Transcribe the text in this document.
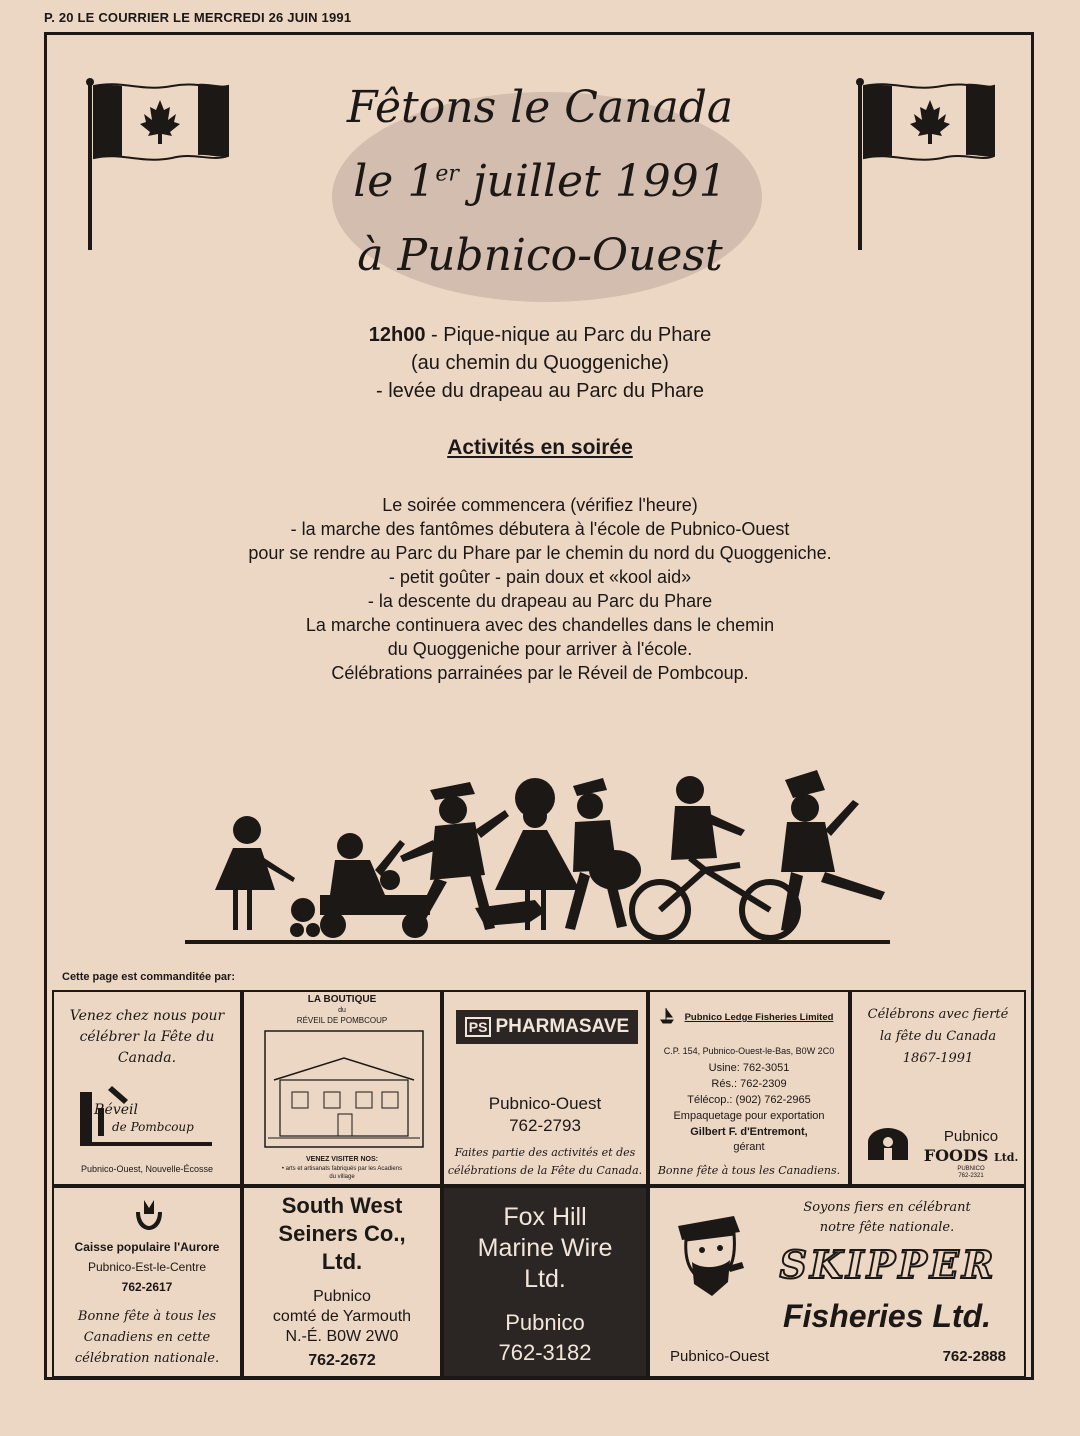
P. 20 LE COURRIER LE MERCREDI 26 JUIN 1991
Fêtons le Canada
le 1er juillet 1991
à Pubnico-Ouest
12h00 - Pique-nique au Parc du Phare
(au chemin du Quoggeniche)
- levée du drapeau au Parc du Phare
Activités en soirée
Le soirée commencera (vérifiez l'heure)
- la marche des fantômes débutera à l'école de Pubnico-Ouest
pour se rendre au Parc du Phare par le chemin du nord du Quoggeniche.
- petit goûter - pain doux et «kool aid»
- la descente du drapeau au Parc du Phare
La marche continuera avec des chandelles dans le chemin
du Quoggeniche pour arriver à l'école.
Célébrations parrainées par le Réveil de Pombcoup.
Cette page est commanditée par:
Venez chez nous pour
célébrer la Fête du
Canada.
Réveil
de Pombcoup
Pubnico-Ouest, Nouvelle-Écosse
LA BOUTIQUE
du
RÉVEIL DE POMBCOUP
VENEZ VISITER NOS:
• arts et artisanats fabriqués par les Acadiens
du village
PS PHARMASAVE
Pubnico-Ouest
762-2793
Faites partie des activités et des
célébrations de la Fête du Canada.
Pubnico Ledge Fisheries Limited
C.P. 154, Pubnico-Ouest-le-Bas, B0W 2C0
Usine: 762-3051
Rés.: 762-2309
Télécop.: (902) 762-2965
Empaquetage pour exportation
Gilbert F. d'Entremont,
gérant
Bonne fête à tous les Canadiens.
Célébrons avec fierté
la fête du Canada
1867-1991
Pubnico
FOODS Ltd.
PUBNICO
762-2321
Caisse populaire l'Aurore
Pubnico-Est-le-Centre
762-2617
Bonne fête à tous les
Canadiens en cette
célébration nationale.
South West
Seiners Co.,
Ltd.
Pubnico
comté de Yarmouth
N.-É. B0W 2W0
762-2672
Fox Hill
Marine Wire
Ltd.
Pubnico
762-3182
Soyons fiers en célébrant
notre fête nationale.
SKIPPER
Fisheries Ltd.
Pubnico-Ouest	762-2888
